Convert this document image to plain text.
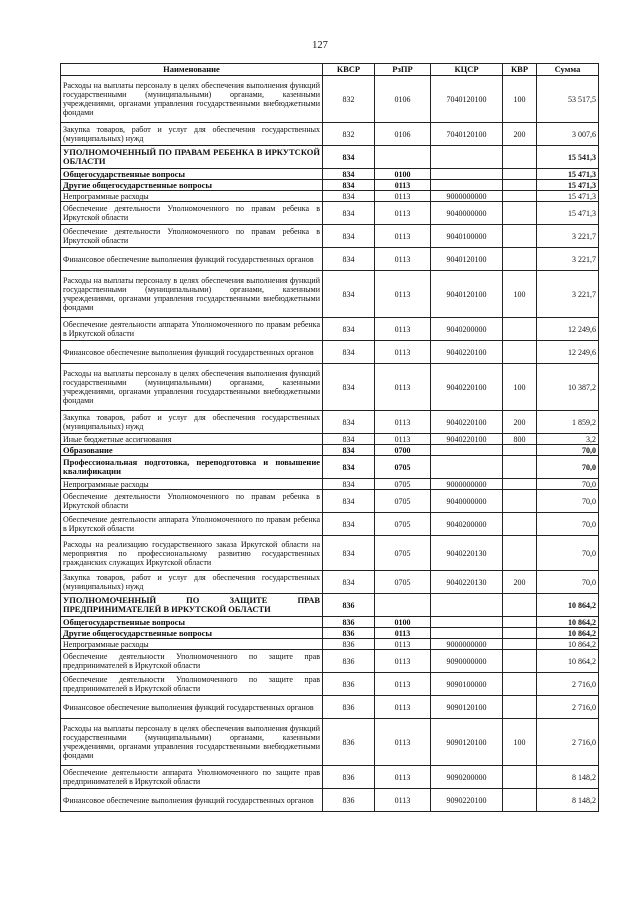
127
Наименование	КВСР	РзПР	КЦСР	КВР	Сумма
Расходы на выплаты персоналу в целях обеспечения выполнения функций государственными (муниципальными) органами, казенными учреждениями, органами управления государственными внебюджетными фондами	832	0106	7040120100	100	53 517,5
Закупка товаров, работ и услуг для обеспечения государственных (муниципальных) нужд	832	0106	7040120100	200	3 007,6
УПОЛНОМОЧЕННЫЙ ПО ПРАВАМ РЕБЕНКА В ИРКУТСКОЙ ОБЛАСТИ	834				15 541,3
Общегосударственные вопросы	834	0100			15 471,3
Другие общегосударственные вопросы	834	0113			15 471,3
Непрограммные расходы	834	0113	9000000000		15 471,3
Обеспечение деятельности Уполномоченного по правам ребенка в Иркутской области	834	0113	9040000000		15 471,3
Обеспечение деятельности Уполномоченного по правам ребенка в Иркутской области	834	0113	9040100000		3 221,7
Финансовое обеспечение выполнения функций государственных органов	834	0113	9040120100		3 221,7
Расходы на выплаты персоналу в целях обеспечения выполнения функций государственными (муниципальными) органами, казенными учреждениями, органами управления государственными внебюджетными фондами	834	0113	9040120100	100	3 221,7
Обеспечение деятельности аппарата Уполномоченного по правам ребенка в Иркутской области	834	0113	9040200000		12 249,6
Финансовое обеспечение выполнения функций государственных органов	834	0113	9040220100		12 249,6
Расходы на выплаты персоналу в целях обеспечения выполнения функций государственными (муниципальными) органами, казенными учреждениями, органами управления государственными внебюджетными фондами	834	0113	9040220100	100	10 387,2
Закупка товаров, работ и услуг для обеспечения государственных (муниципальных) нужд	834	0113	9040220100	200	1 859,2
Иные бюджетные ассигнования	834	0113	9040220100	800	3,2
Образование	834	0700			70,0
Профессиональная подготовка, переподготовка и повышение квалификации	834	0705			70,0
Непрограммные расходы	834	0705	9000000000		70,0
Обеспечение деятельности Уполномоченного по правам ребенка в Иркутской области	834	0705	9040000000		70,0
Обеспечение деятельности аппарата Уполномоченного по правам ребенка в Иркутской области	834	0705	9040200000		70,0
Расходы на реализацию государственного заказа Иркутской области на мероприятия по профессиональному развитию государственных гражданских служащих Иркутской области	834	0705	9040220130		70,0
Закупка товаров, работ и услуг для обеспечения государственных (муниципальных) нужд	834	0705	9040220130	200	70,0
УПОЛНОМОЧЕННЫЙ ПО ЗАЩИТЕ ПРАВ ПРЕДПРИНИМАТЕЛЕЙ В ИРКУТСКОЙ ОБЛАСТИ	836				10 864,2
Общегосударственные вопросы	836	0100			10 864,2
Другие общегосударственные вопросы	836	0113			10 864,2
Непрограммные расходы	836	0113	9000000000		10 864,2
Обеспечение деятельности Уполномоченного по защите прав предпринимателей в Иркутской области	836	0113	9090000000		10 864,2
Обеспечение деятельности Уполномоченного по защите прав предпринимателей в Иркутской области	836	0113	9090100000		2 716,0
Финансовое обеспечение выполнения функций государственных органов	836	0113	9090120100		2 716,0
Расходы на выплаты персоналу в целях обеспечения выполнения функций государственными (муниципальными) органами, казенными учреждениями, органами управления государственными внебюджетными фондами	836	0113	9090120100	100	2 716,0
Обеспечение деятельности аппарата Уполномоченного по защите прав предпринимателей в Иркутской области	836	0113	9090200000		8 148,2
Финансовое обеспечение выполнения функций государственных органов	836	0113	9090220100		8 148,2
